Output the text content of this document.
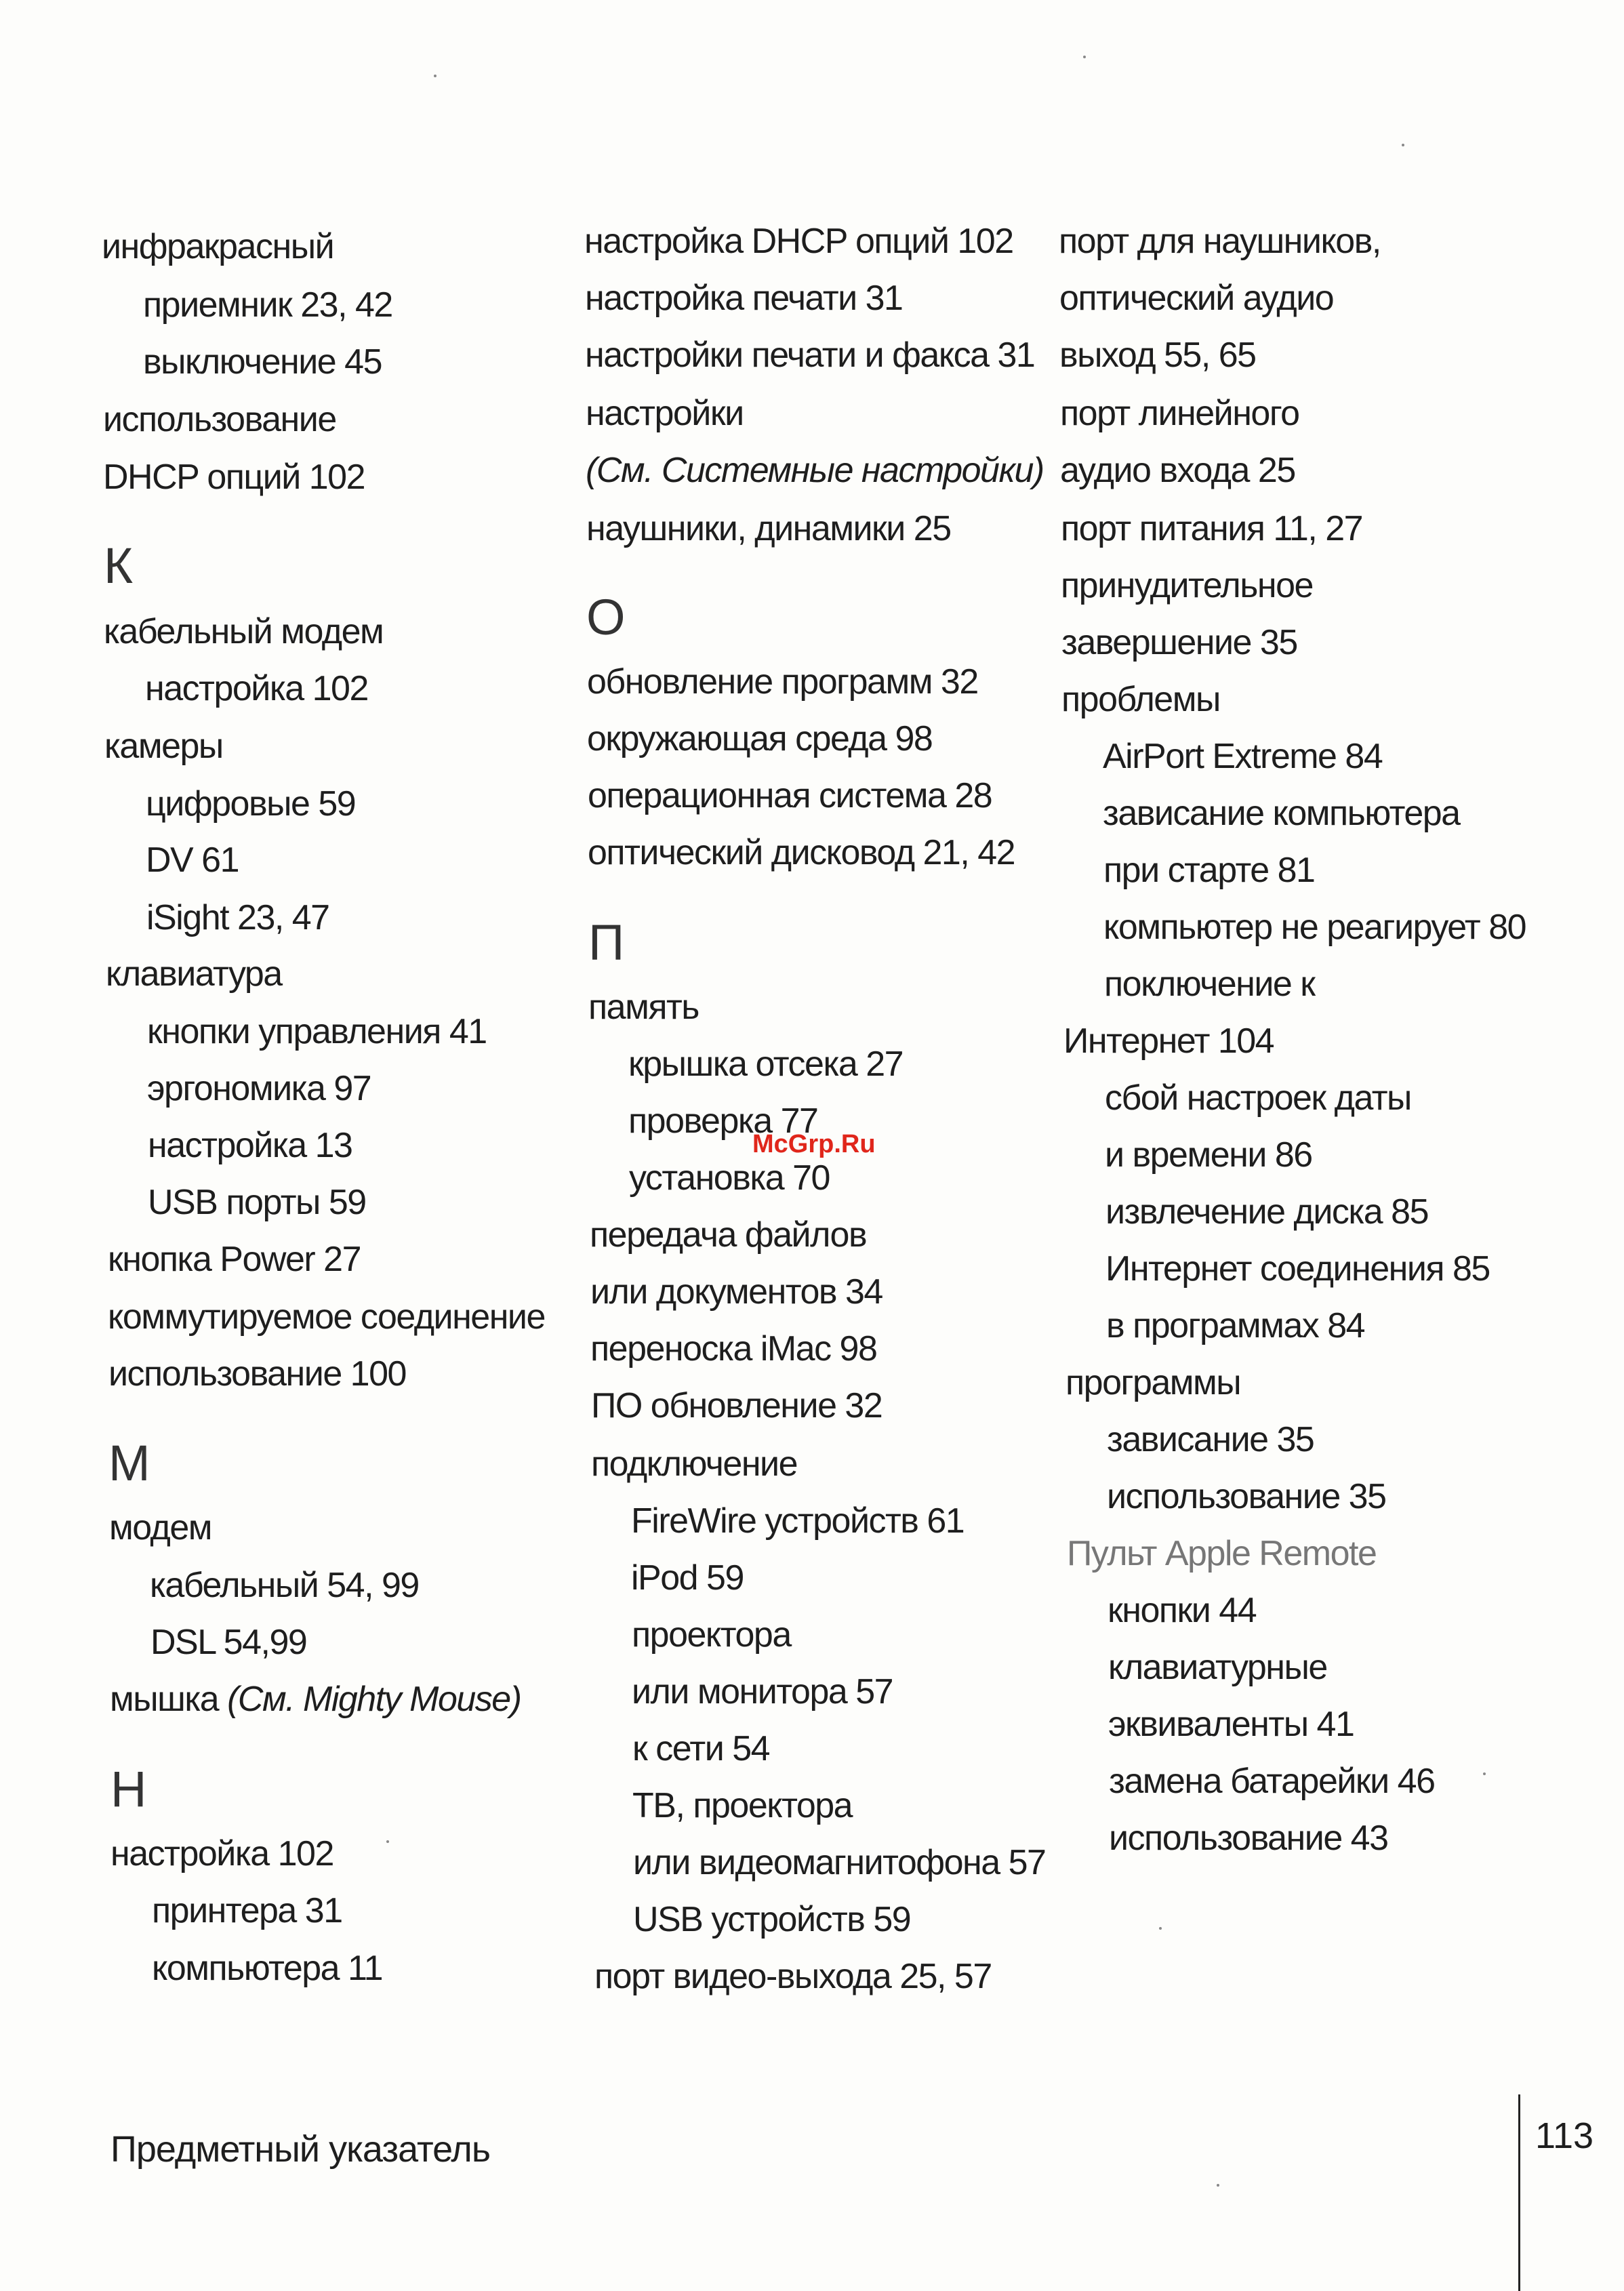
инфракрасный
приемник 23, 42
выключение 45
использование
DHCP опций 102
К
кабельный модем
настройка 102
камеры
цифровые 59
DV 61
iSight 23, 47
клавиатура
кнопки управления 41
эргономика 97
настройка 13
USB порты 59
кнопка Power 27
коммутируемое соединение
использование 100
М
модем
кабельный 54, 99
DSL 54,99
мышка (См. Mighty Mouse)
Н
настройка 102
принтера 31
компьютера 11
настройка DHCP опций 102
настройка печати 31
настройки печати и факса 31
настройки
(См. Системные настройки)
наушники, динамики 25
О
обновление программ 32
окружающая среда 98
операционная система 28
оптический дисковод 21, 42
П
память
крышка отсека 27
проверка 77
установка 70
передача файлов
или документов 34
переноска iMac 98
ПО обновление 32
подключение
FireWire устройств 61
iPod 59
проектора
или монитора 57
к сети 54
ТВ, проектора
или видеомагнитофона 57
USB устройств 59
порт видео-выхода 25, 57
порт для наушников,
оптический аудио
выход 55, 65
порт линейного
аудио входа 25
порт питания 11, 27
принудительное
завершение 35
проблемы
AirPort Extreme 84
зависание компьютера
при старте 81
компьютер не реагирует 80
поключение к
Интернет 104
сбой настроек даты
и времени 86
извлечение диска 85
Интернет соединения 85
в программах 84
программы
зависание 35
использование 35
Пульт Apple Remote
кнопки 44
клавиатурные
эквиваленты 41
замена батарейки 46
использование 43
McGrp.Ru
Предметный указатель	113
